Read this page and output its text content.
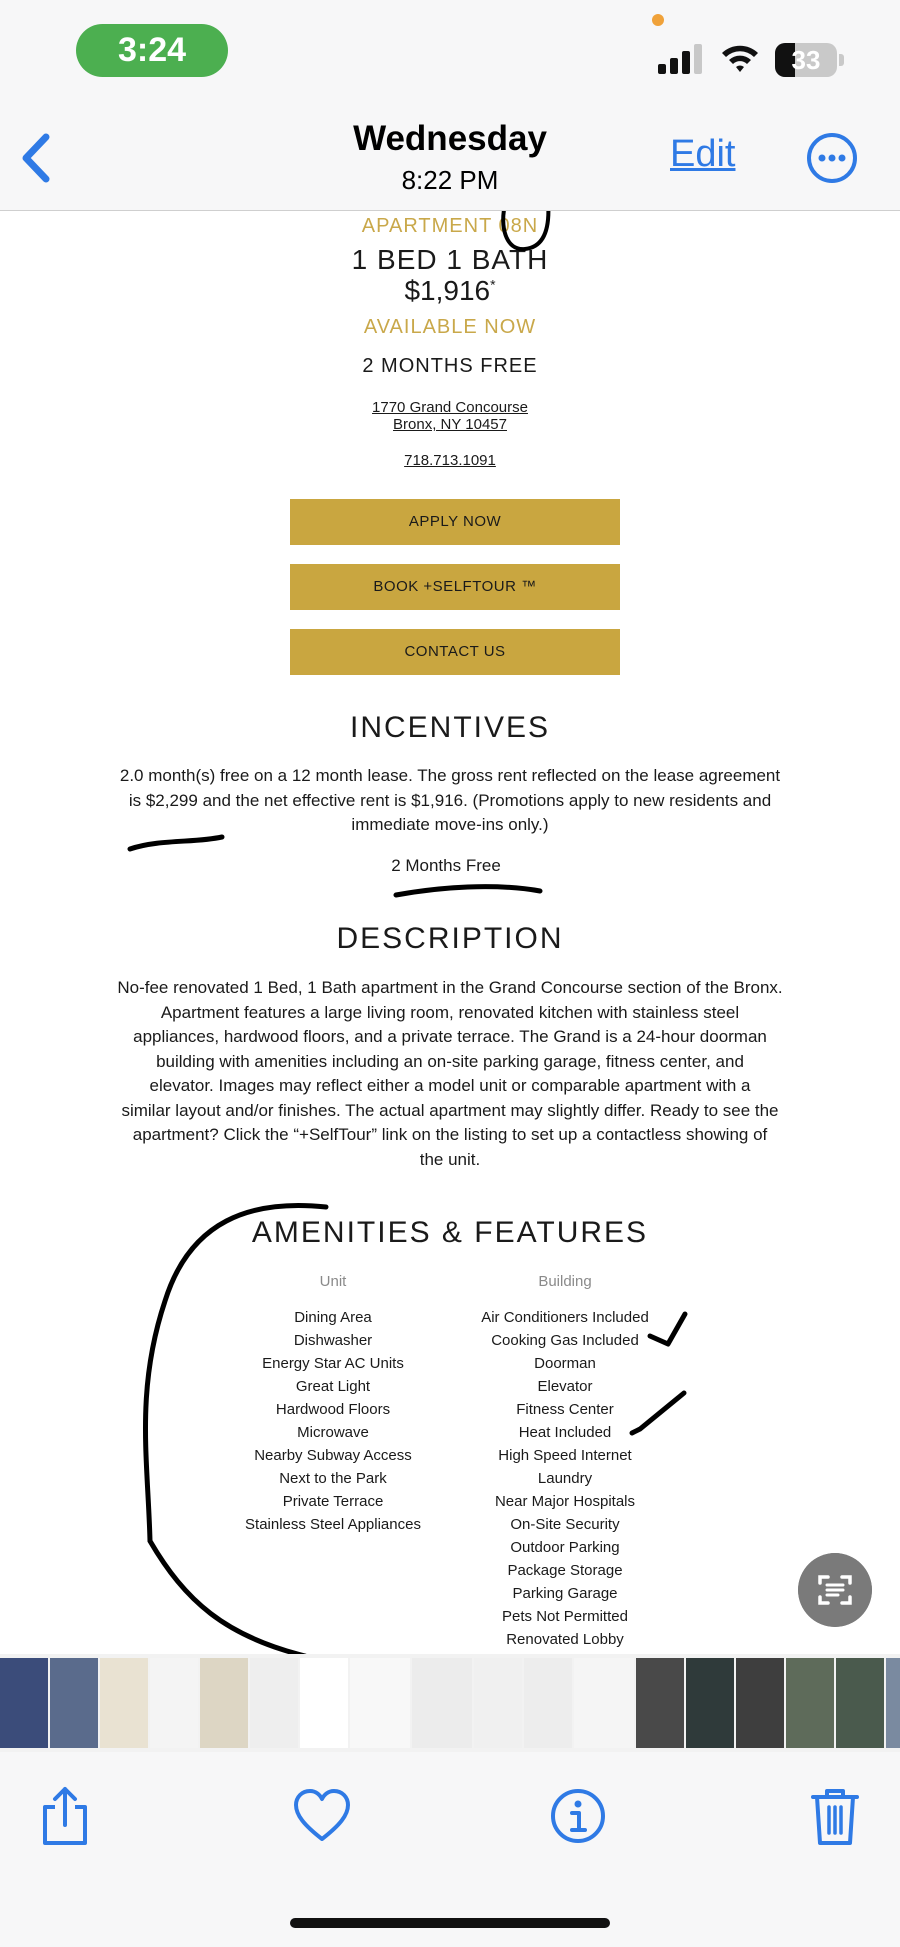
3:24	33
Wednesday
8:22 PM
Edit
APARTMENT 08N
1 BED 1 BATH
$1,916*
AVAILABLE NOW
2 MONTHS FREE
1770 Grand Concourse
Bronx, NY 10457
718.713.1091
APPLY NOW
BOOK +SELFTOUR ™
CONTACT US
INCENTIVES
2.0 month(s) free on a 12 month lease. The gross rent reflected on the lease agreement
is $2,299 and the net effective rent is $1,916. (Promotions apply to new residents and
immediate move-ins only.)
2 Months Free
DESCRIPTION
No-fee renovated 1 Bed, 1 Bath apartment in the Grand Concourse section of the Bronx.
Apartment features a large living room, renovated kitchen with stainless steel
appliances, hardwood floors, and a private terrace. The Grand is a 24-hour doorman
building with amenities including an on-site parking garage, fitness center, and
elevator. Images may reflect either a model unit or comparable apartment with a
similar layout and/or finishes. The actual apartment may slightly differ. Ready to see the
apartment? Click the “+SelfTour” link on the listing to set up a contactless showing of
the unit.
AMENITIES & FEATURES
Unit	Building
Dining Area
Dishwasher
Energy Star AC Units
Great Light
Hardwood Floors
Microwave
Nearby Subway Access
Next to the Park
Private Terrace
Stainless Steel Appliances
Air Conditioners Included
Cooking Gas Included
Doorman
Elevator
Fitness Center
Heat Included
High Speed Internet
Laundry
Near Major Hospitals
On-Site Security
Outdoor Parking
Package Storage
Parking Garage
Pets Not Permitted
Renovated Lobby
